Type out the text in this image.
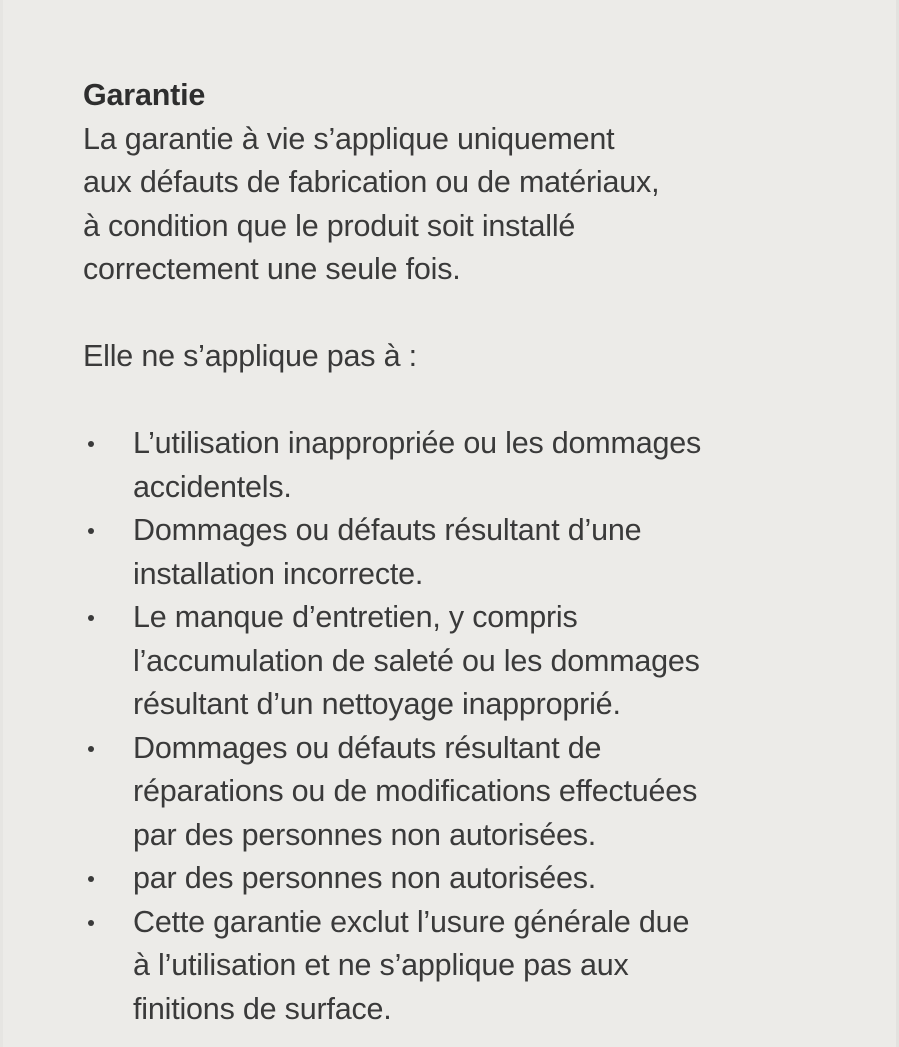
Garantie

La garantie à vie s’applique uniquement
aux défauts de fabrication ou de matériaux,
à condition que le produit soit installé
correctement une seule fois.

Elle ne s’applique pas à :

L’utilisation inappropriée ou les dommages
accidentels.
Dommages ou défauts résultant d’une
installation incorrecte.
Le manque d’entretien, y compris
l’accumulation de saleté ou les dommages
résultant d’un nettoyage inapproprié.
Dommages ou défauts résultant de
réparations ou de modifications effectuées
par des personnes non autorisées.
par des personnes non autorisées.
Cette garantie exclut l’usure générale due
à l’utilisation et ne s’applique pas aux
finitions de surface.
